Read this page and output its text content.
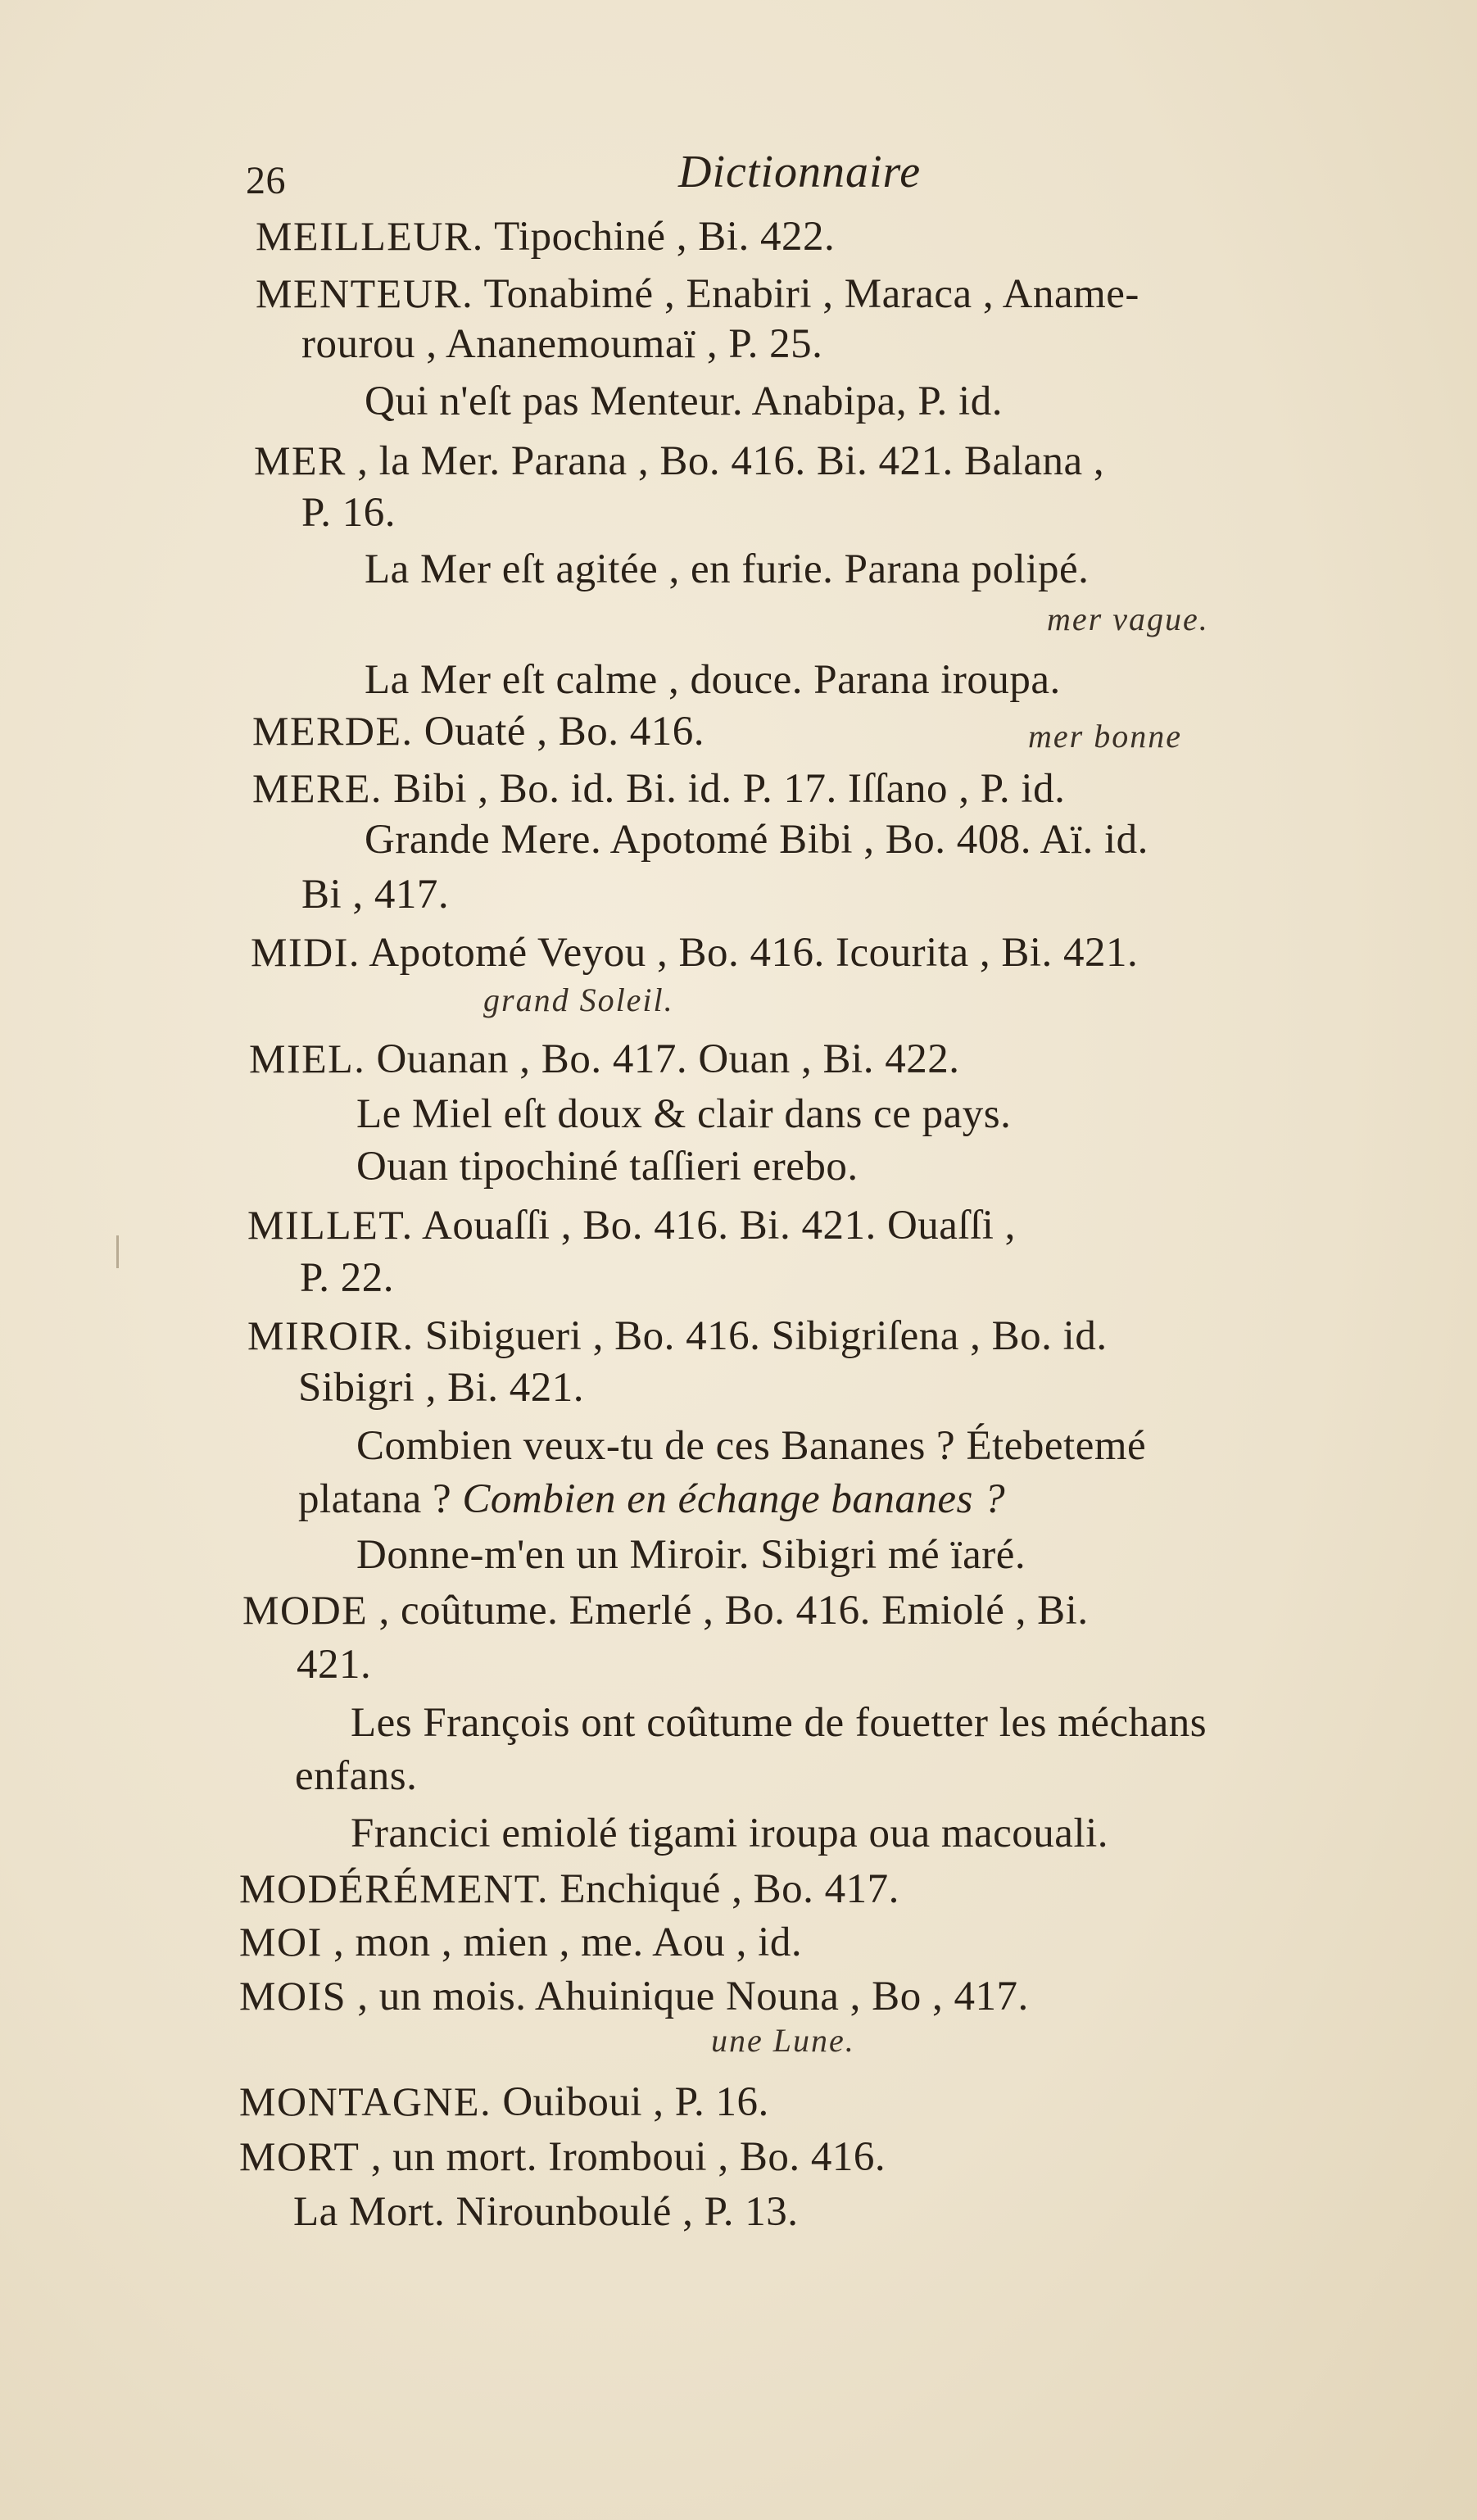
26	Dictionnaire
MEILLEUR. Tipochiné , Bi. 422.
MENTEUR. Tonabimé , Enabiri , Maraca , Aname-
rourou , Ananemoumaï , P. 25.
Qui n'eſt pas Menteur. Anabipa, P. id.
MER , la Mer. Parana , Bo. 416. Bi. 421. Balana ,
P. 16.
La Mer eſt agitée , en furie. Parana polipé.
mer vague.
La Mer eſt calme , douce. Parana iroupa.
MERDE. Ouaté , Bo. 416.	mer bonne
MERE. Bibi , Bo. id. Bi. id. P. 17. Iſſano , P. id.
Grande Mere. Apotomé Bibi , Bo. 408. Aï. id.
Bi , 417.
MIDI. Apotomé Veyou , Bo. 416. Icourita , Bi. 421.
grand Soleil.
MIEL. Ouanan , Bo. 417. Ouan , Bi. 422.
Le Miel eſt doux & clair dans ce pays.
Ouan tipochiné taſſieri erebo.
MILLET. Aouaſſi , Bo. 416. Bi. 421. Ouaſſi ,
P. 22.
MIROIR. Sibigueri , Bo. 416. Sibigriſena , Bo. id.
Sibigri , Bi. 421.
Combien veux-tu de ces Bananes ? Étebetemé
platana ? Combien en échange bananes ?
Donne-m'en un Miroir. Sibigri mé ïaré.
MODE , coûtume. Emerlé , Bo. 416. Emiolé , Bi.
421.
Les François ont coûtume de fouetter les méchans
enfans.
Francici emiolé tigami iroupa oua macouali.
MODÉRÉMENT. Enchiqué , Bo. 417.
MOI , mon , mien , me. Aou , id.
MOIS , un mois. Ahuinique Nouna , Bo , 417.
une Lune.
MONTAGNE. Ouiboui , P. 16.
MORT , un mort. Iromboui , Bo. 416.
La Mort. Nirounboulé , P. 13.
